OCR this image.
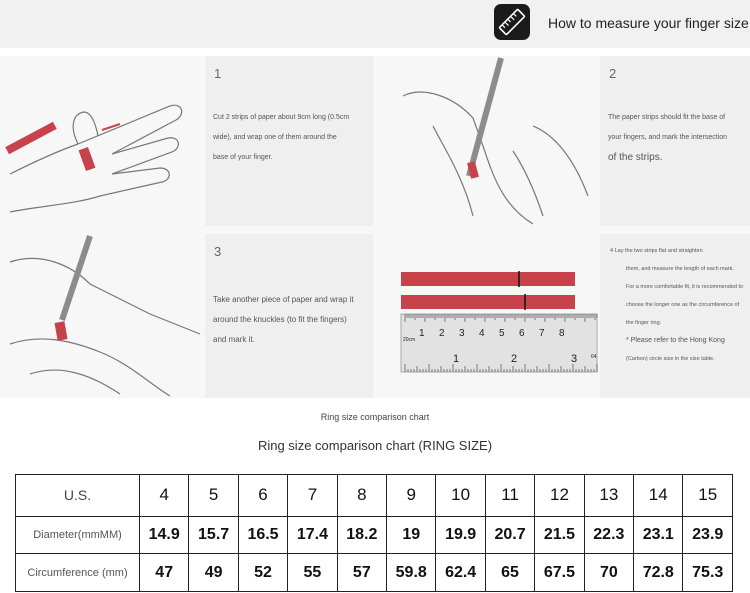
How to measure your finger size
1
Cut 2 strips of paper about 9cm long (0.5cm
wide), and wrap one of them around the
base of your finger.
2
The paper strips should fit the base of
your fingers, and mark the intersection
of the strips.
3
Take another piece of paper and wrap it
around the knuckles (to fit the fingers)
and mark it.	20cm
1 2 3 4 5 6 7 8
1	2	3	64
4 Lay the two strips flat and straighten
them, and measure the length of each mark.
For a more comfortable fit, it is recommended to
choose the longer one as the circumference of
the finger ring.
* Please refer to the Hong Kong
(Carbon) circle size in the size table.
Ring size comparison chart
Ring size comparison chart (RING SIZE)
U.S.	4	5	6	7	8	9	10	11	12	13	14	15
Diameter(mmMM)	14.9	15.7	16.5	17.4	18.2	19	19.9	20.7	21.5	22.3	23.1	23.9
Circumference (mm)	47	49	52	55	57	59.8	62.4	65	67.5	70	72.8	75.3
